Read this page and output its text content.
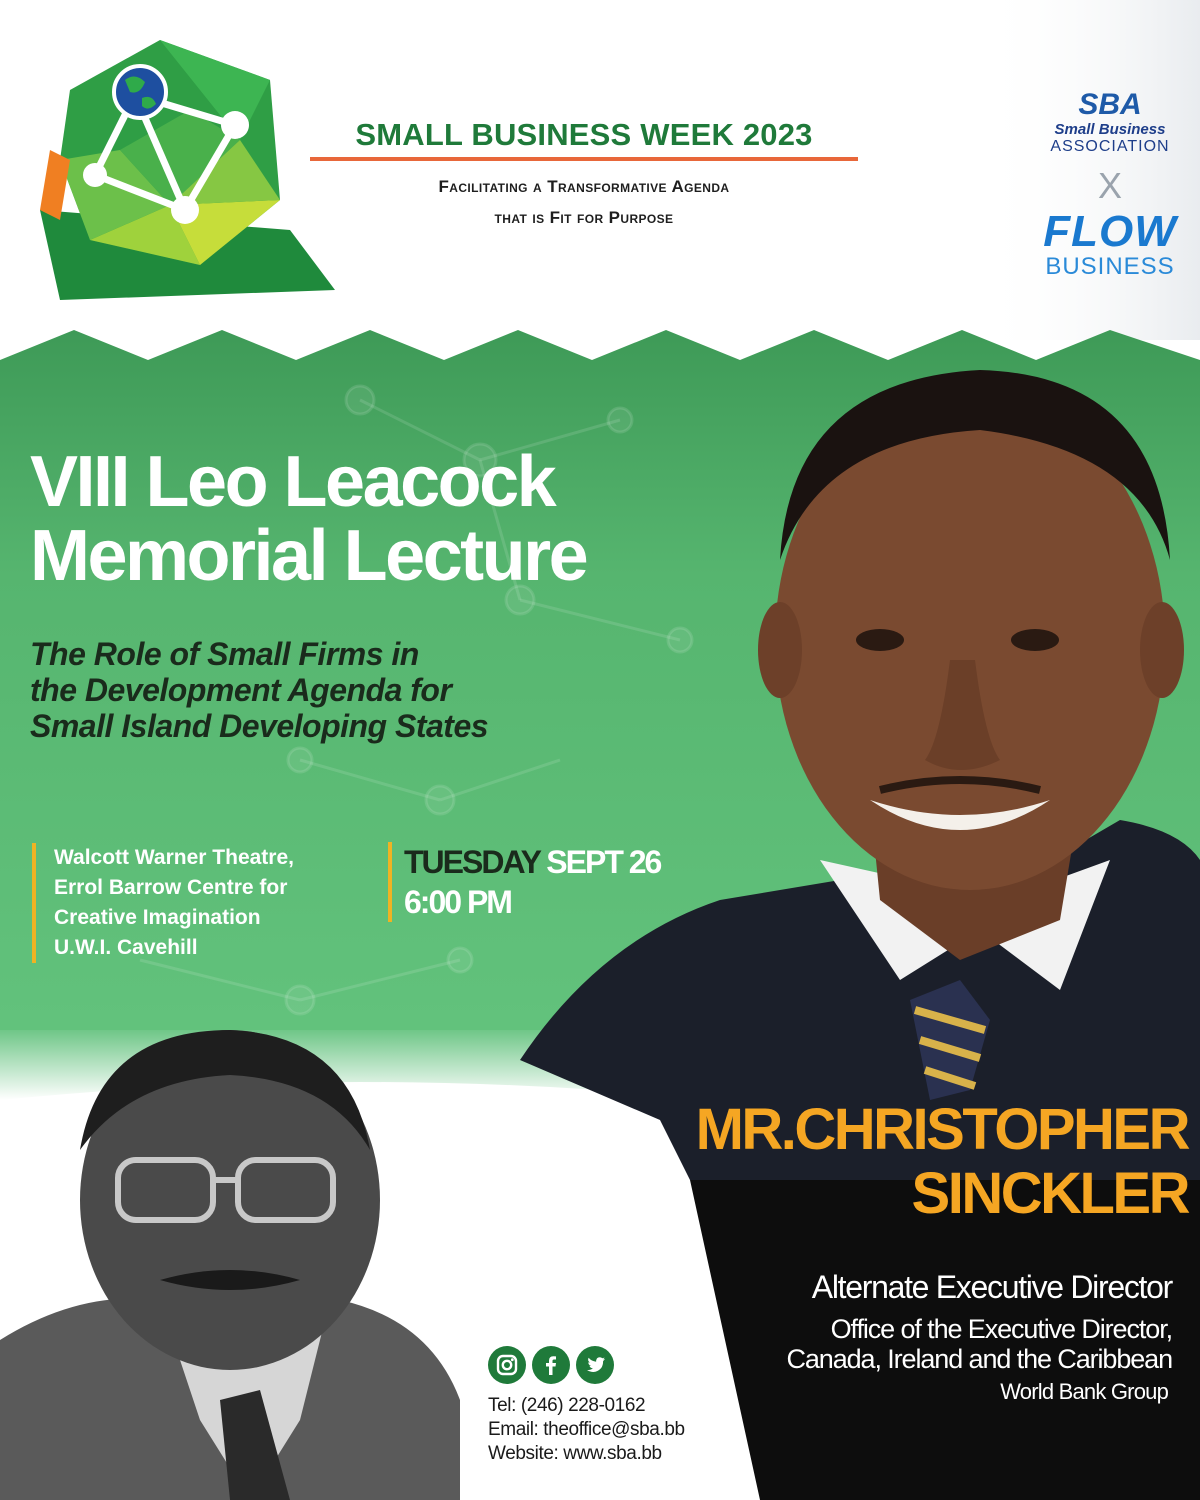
SMALL BUSINESS WEEK 2023
Facilitating a Transformative Agenda
that is Fit for Purpose
SBA
Small Business
ASSOCIATION
X
FLOW
BUSINESS
VIII Leo Leacock
Memorial Lecture
The Role of Small Firms in
the Development Agenda for
Small Island Developing States
Walcott Warner Theatre,
Errol Barrow Centre for
Creative Imagination
U.W.I. Cavehill
TUESDAY SEPT 26
6:00 PM
MR.CHRISTOPHER
SINCKLER
Alternate Executive Director
Office of the Executive Director,
Canada, Ireland and the Caribbean
World Bank Group
Tel: (246) 228-0162
Email: theoffice@sba.bb
Website: www.sba.bb
